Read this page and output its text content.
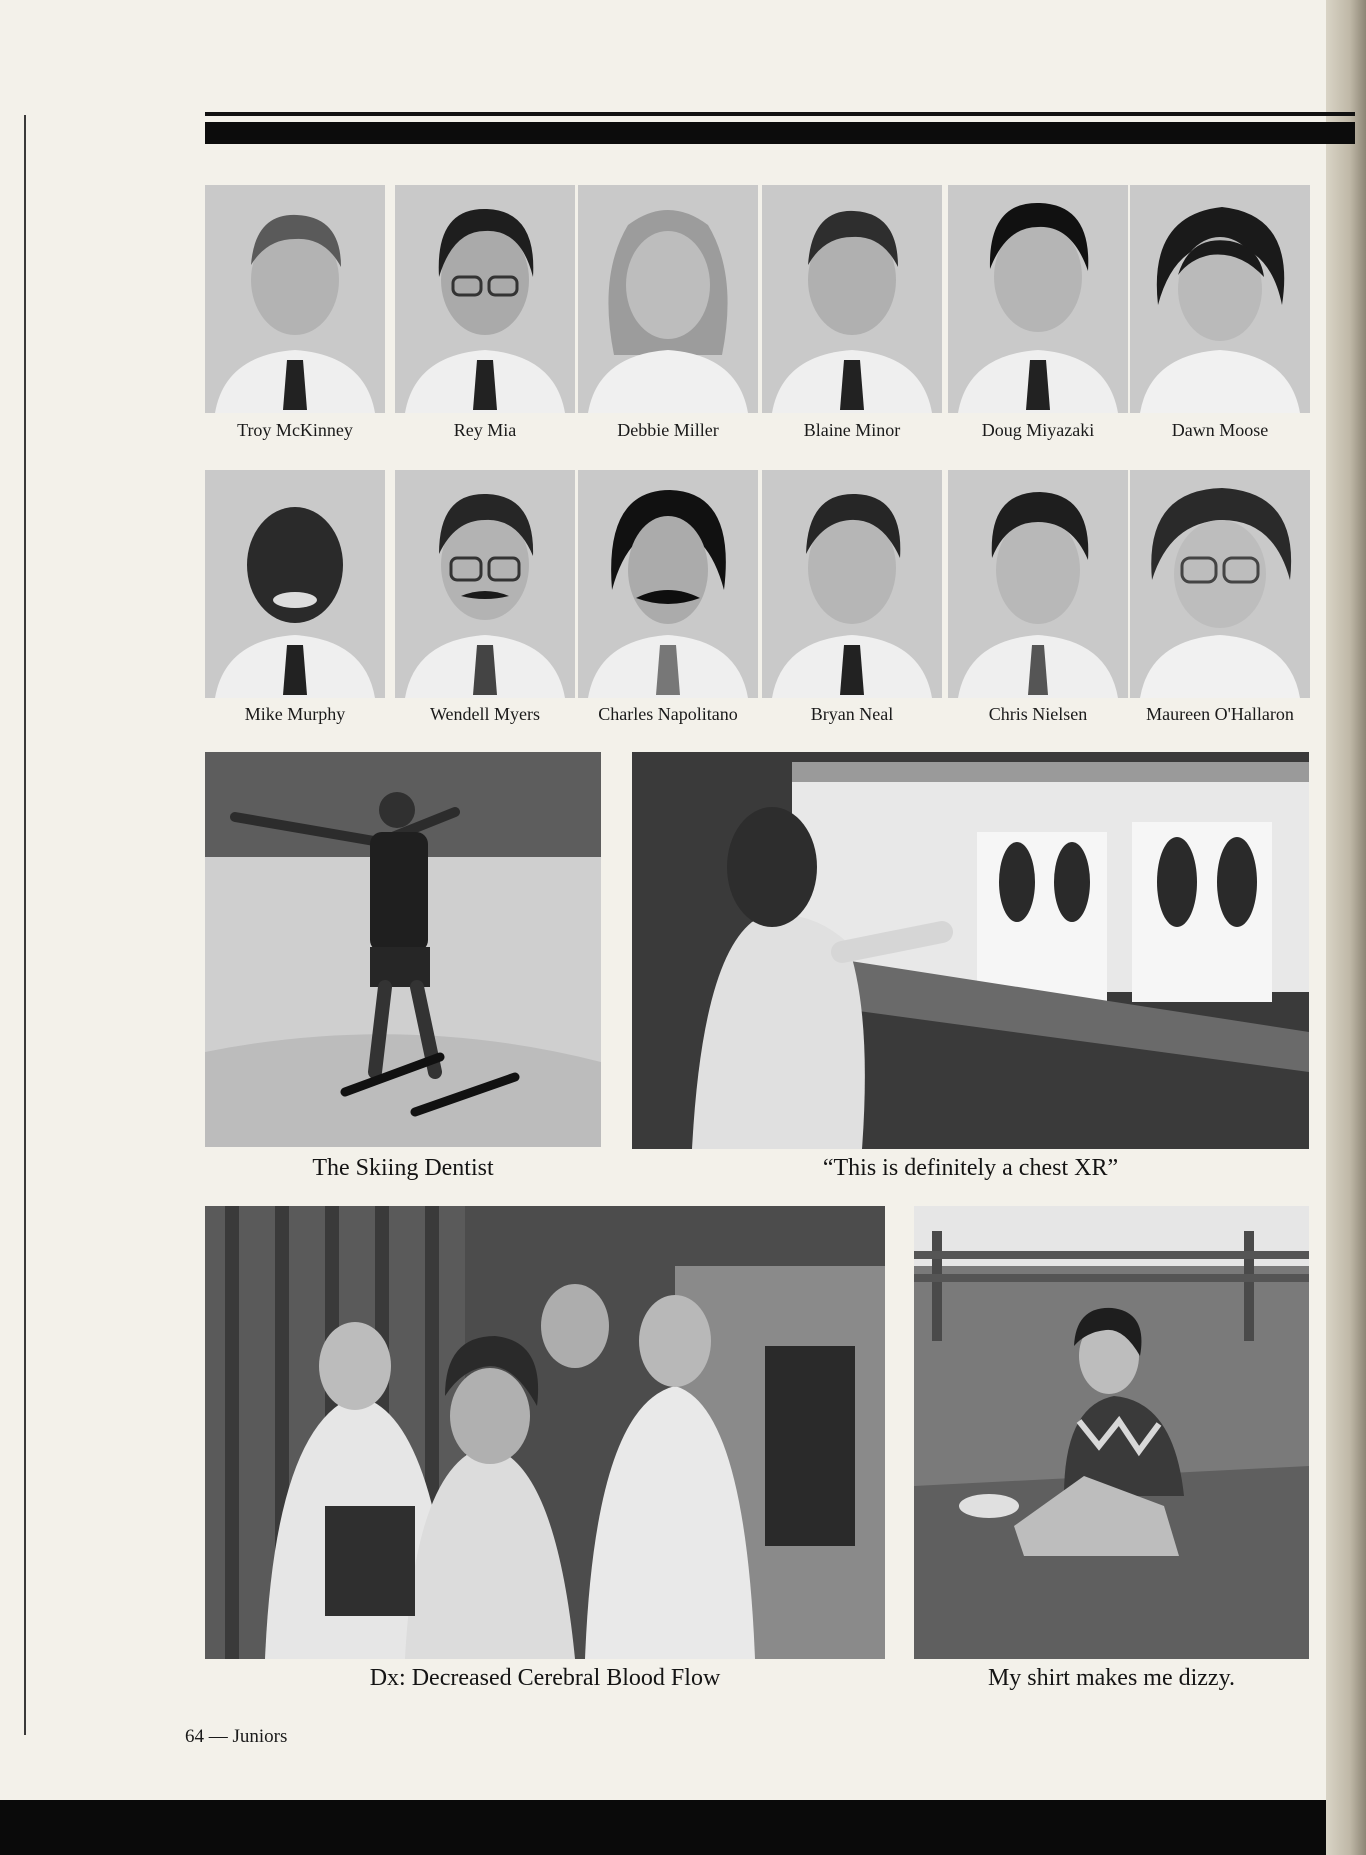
Troy McKinney	Rey Mia	Debbie Miller	Blaine Minor	Doug Miyazaki	Dawn Moose
Mike Murphy	Wendell Myers	Charles Napolitano	Bryan Neal	Chris Nielsen	Maureen O'Hallaron
The Skiing Dentist	“This is definitely a chest XR”
Dx: Decreased Cerebral Blood Flow	My shirt makes me dizzy.
64 — Juniors
